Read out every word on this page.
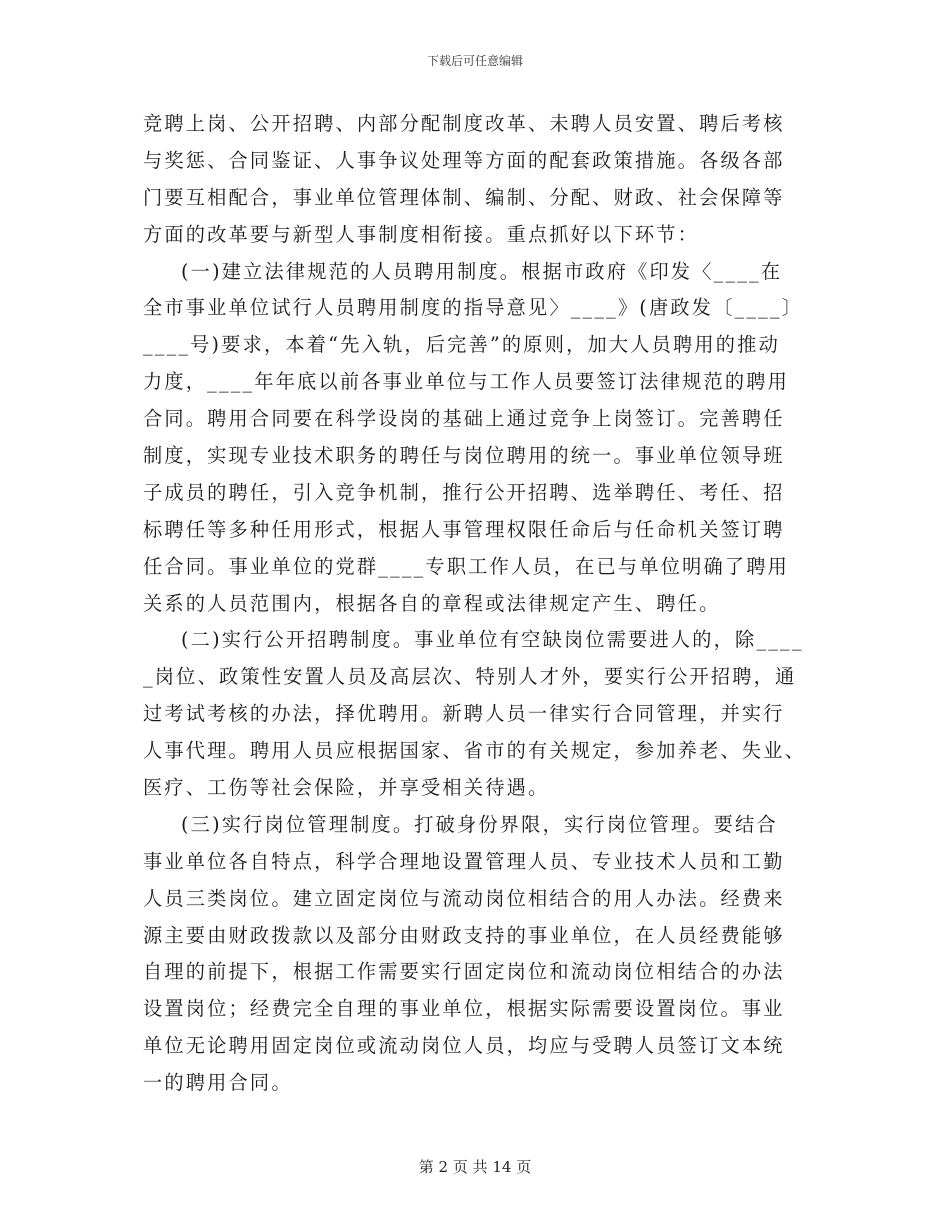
下载后可任意编辑
竞聘上岗、公开招聘、内部分配制度改革、未聘人员安置、聘后考核
与奖惩、合同鉴证、人事争议处理等方面的配套政策措施。各级各部
门要互相配合，事业单位管理体制、编制、分配、财政、社会保障等
方面的改革要与新型人事制度相衔接。重点抓好以下环节：
(一)建立法律规范的人员聘用制度。根据市政府《印发〈____在
全市事业单位试行人员聘用制度的指导意见〉____》(唐政发〔____〕
____号)要求，本着“先入轨，后完善”的原则，加大人员聘用的推动
力度，____年年底以前各事业单位与工作人员要签订法律规范的聘用
合同。聘用合同要在科学设岗的基础上通过竞争上岗签订。完善聘任
制度，实现专业技术职务的聘任与岗位聘用的统一。事业单位领导班
子成员的聘任，引入竞争机制，推行公开招聘、选举聘任、考任、招
标聘任等多种任用形式，根据人事管理权限任命后与任命机关签订聘
任合同。事业单位的党群____专职工作人员，在已与单位明确了聘用
关系的人员范围内，根据各自的章程或法律规定产生、聘任。
(二)实行公开招聘制度。事业单位有空缺岗位需要进人的，除____
_岗位、政策性安置人员及高层次、特别人才外，要实行公开招聘，通
过考试考核的办法，择优聘用。新聘人员一律实行合同管理，并实行
人事代理。聘用人员应根据国家、省市的有关规定，参加养老、失业、
医疗、工伤等社会保险，并享受相关待遇。
(三)实行岗位管理制度。打破身份界限，实行岗位管理。要结合
事业单位各自特点，科学合理地设置管理人员、专业技术人员和工勤
人员三类岗位。建立固定岗位与流动岗位相结合的用人办法。经费来
源主要由财政拨款以及部分由财政支持的事业单位，在人员经费能够
自理的前提下，根据工作需要实行固定岗位和流动岗位相结合的办法
设置岗位；经费完全自理的事业单位，根据实际需要设置岗位。事业
单位无论聘用固定岗位或流动岗位人员，均应与受聘人员签订文本统
一的聘用合同。
第 2 页 共 14 页
